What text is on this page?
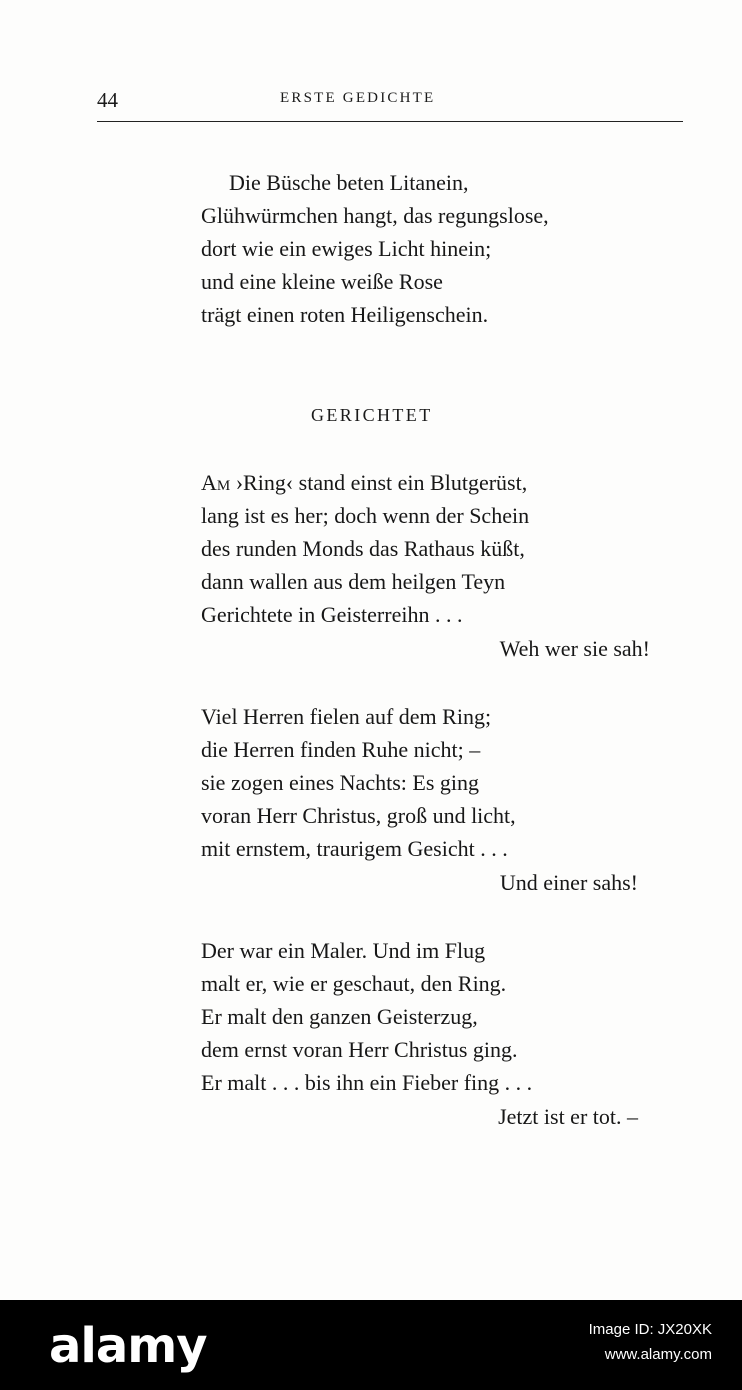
44	ERSTE GEDICHTE
Die Büsche beten Litanein,
Glühwürmchen hangt, das regungslose,
dort wie ein ewiges Licht hinein;
und eine kleine weiße Rose
trägt einen roten Heiligenschein.
GERICHTET
Am ›Ring‹ stand einst ein Blutgerüst,
lang ist es her; doch wenn der Schein
des runden Monds das Rathaus küßt,
dann wallen aus dem heilgen Teyn
Gerichtete in Geisterreihn . . .
Weh wer sie sah!
Viel Herren fielen auf dem Ring;
die Herren finden Ruhe nicht; –
sie zogen eines Nachts: Es ging
voran Herr Christus, groß und licht,
mit ernstem, traurigem Gesicht . . .
Und einer sahs!
Der war ein Maler. Und im Flug
malt er, wie er geschaut, den Ring.
Er malt den ganzen Geisterzug,
dem ernst voran Herr Christus ging.
Er malt . . . bis ihn ein Fieber fing . . .
Jetzt ist er tot. –
alamy	Image ID: JX20XK
www.alamy.com
